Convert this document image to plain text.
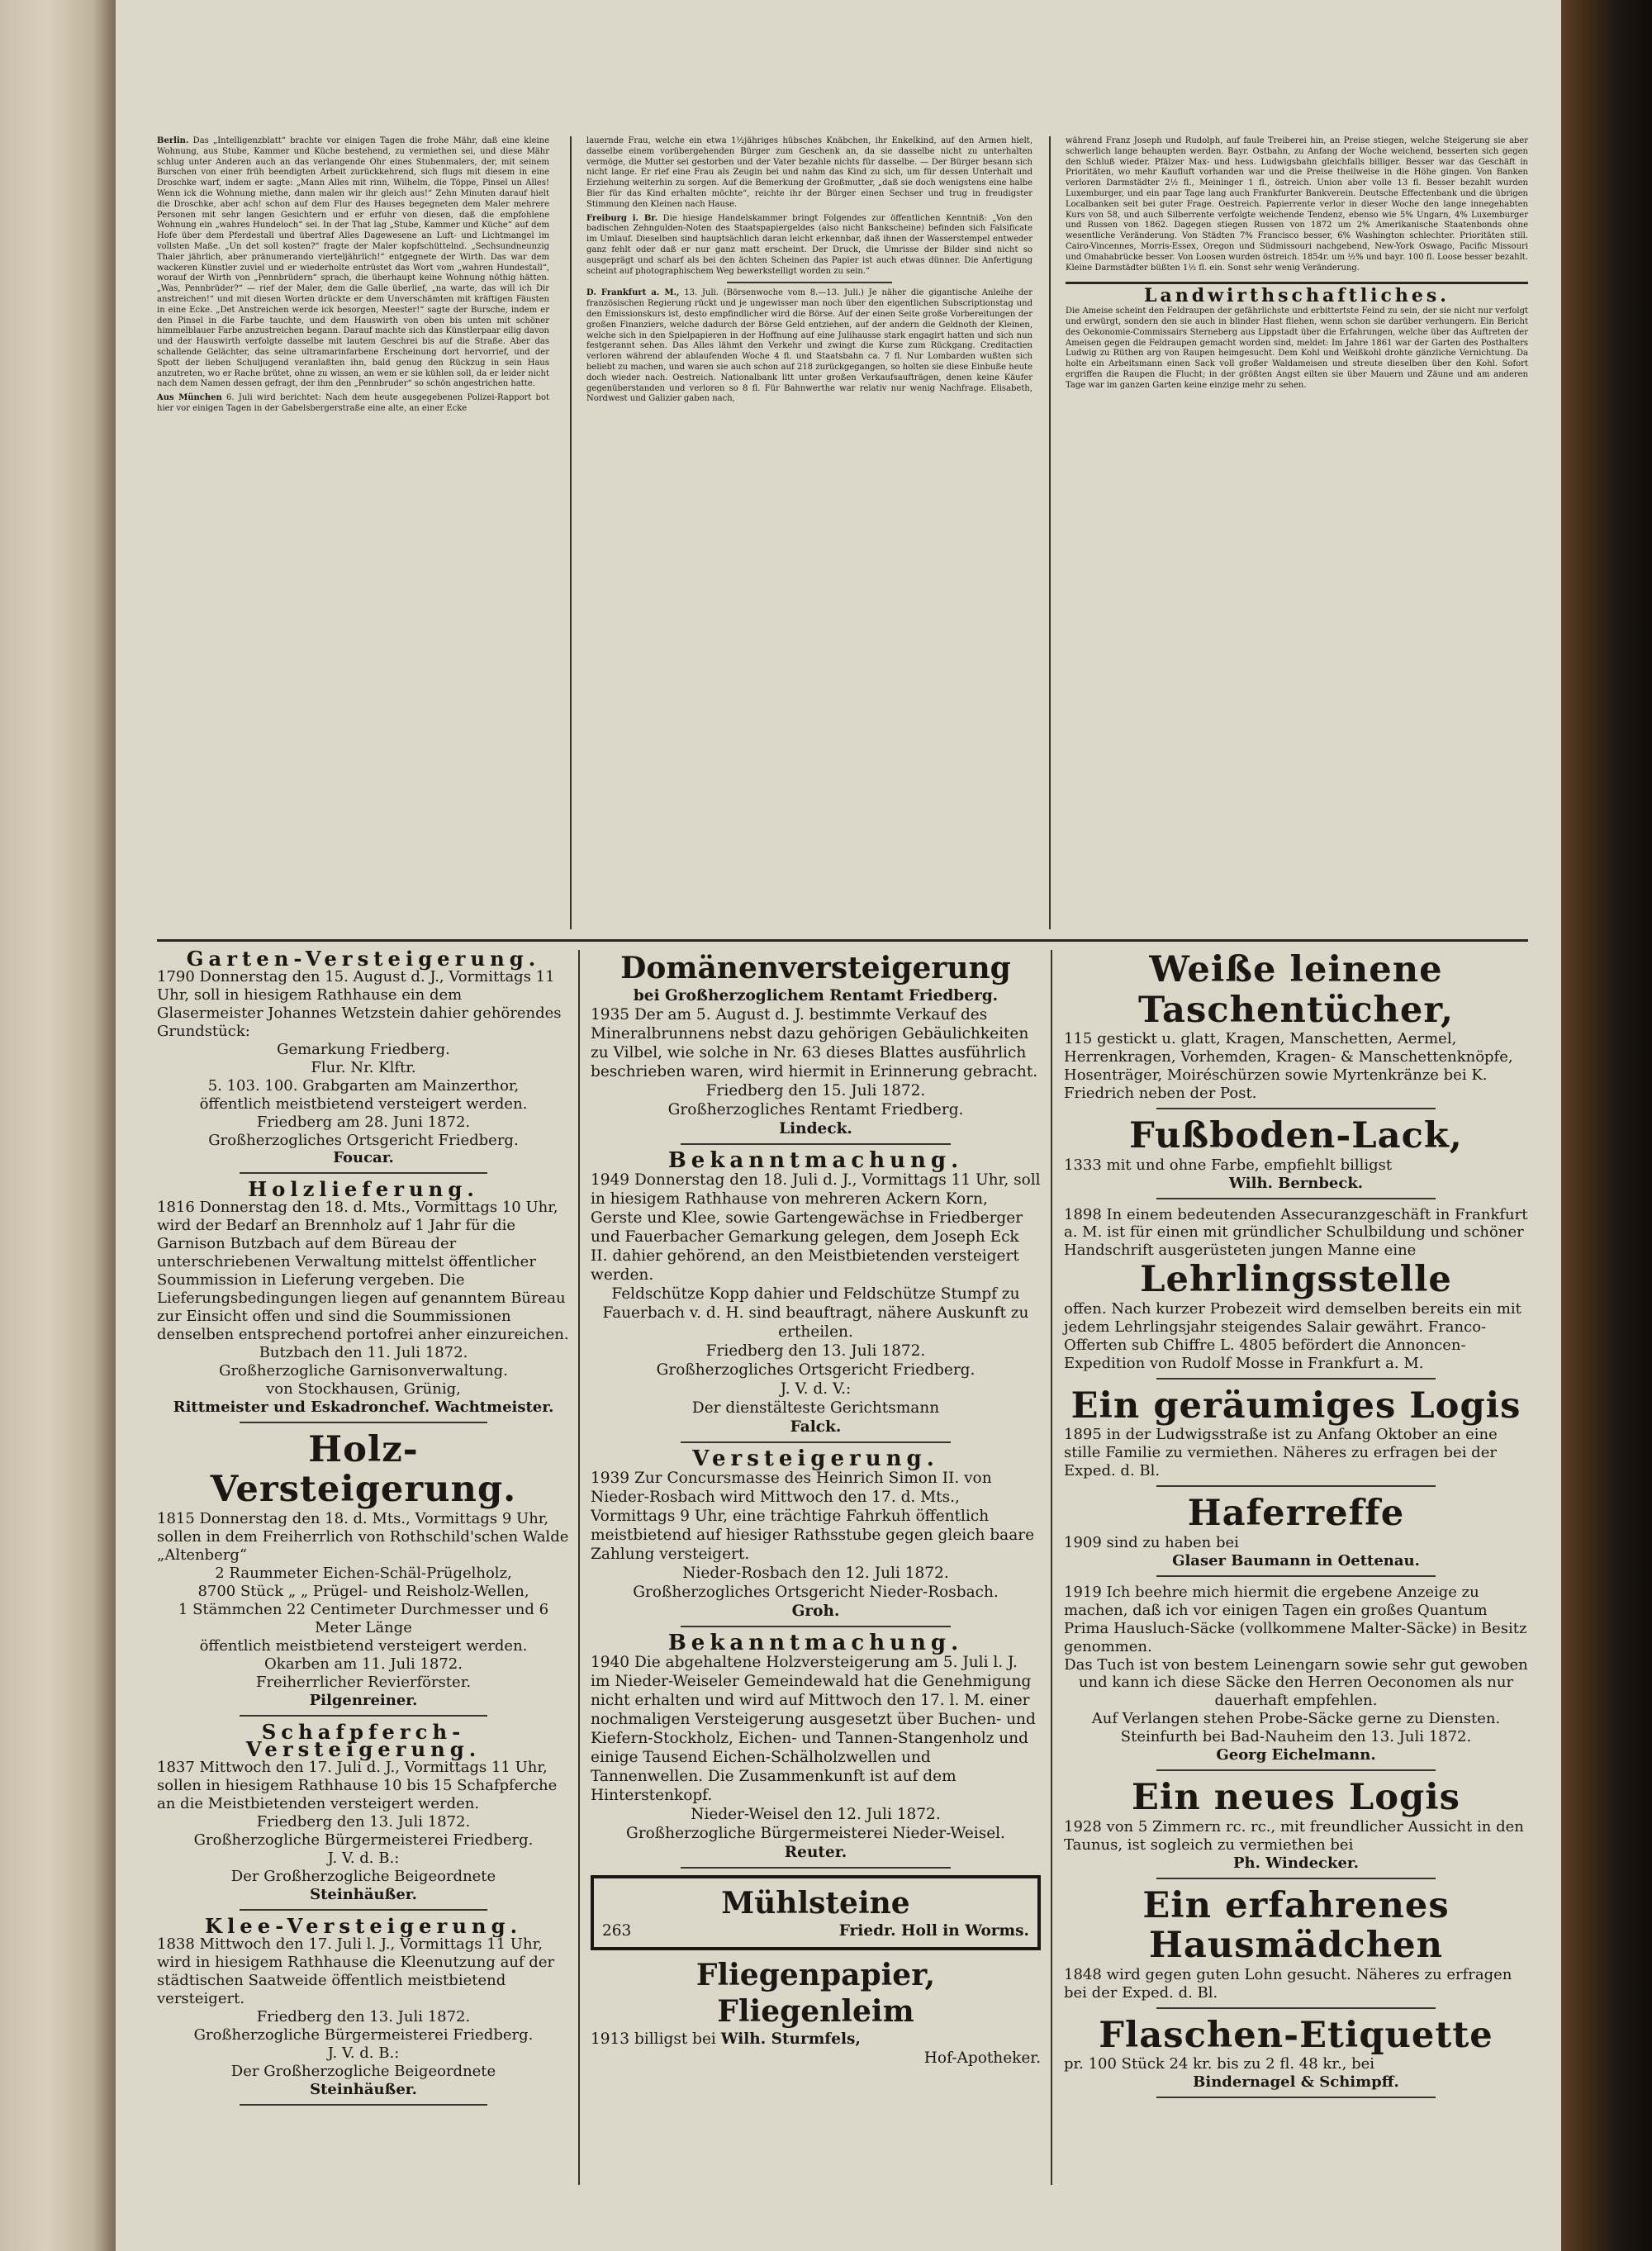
Berlin. Das „Intelligenzblatt“ brachte vor einigen Tagen die frohe Mähr, daß eine kleine Wohnung, aus Stube, Kammer und Küche bestehend, zu vermiethen sei, und diese Mähr schlug unter Anderen auch an das verlangende Ohr eines Stubenmalers, der, mit seinem Burschen von einer früh beendigten Arbeit zurückkehrend, sich flugs mit diesem in eine Droschke warf, indem er sagte: „Mann Alles mit rinn, Wilhelm, die Töppe, Pinsel un Alles! Wenn ick die Wohnung miethe, dann malen wir ihr gleich aus!“ Zehn Minuten darauf hielt die Droschke, aber ach! schon auf dem Flur des Hauses begegneten dem Maler mehrere Personen mit sehr langen Gesichtern und er erfuhr von diesen, daß die empfohlene Wohnung ein „wahres Hundeloch“ sei. In der That lag „Stube, Kammer und Küche“ auf dem Hofe über dem Pferdestall und übertraf Alles Dagewesene an Luft- und Lichtmangel im vollsten Maße. „Un det soll kosten?“ fragte der Maler kopfschüttelnd. „Sechsundneunzig Thaler jährlich, aber pränumerando vierteljährlich!“ entgegnete der Wirth. Das war dem wackeren Künstler zuviel und er wiederholte entrüstet das Wort vom „wahren Hundestall“, worauf der Wirth von „Pennbrüdern“ sprach, die überhaupt keine Wohnung nöthig hätten. „Was, Pennbrüder?“ — rief der Maler, dem die Galle überlief, „na warte, das will ich Dir anstreichen!“ und mit diesen Worten drückte er dem Unverschämten mit kräftigen Fäusten in eine Ecke. „Det Anstreichen werde ick besorgen, Meester!“ sagte der Bursche, indem er den Pinsel in die Farbe tauchte, und dem Hauswirth von oben bis unten mit schöner himmelblauer Farbe anzustreichen begann. Darauf machte sich das Künstlerpaar eilig davon und der Hauswirth verfolgte dasselbe mit lautem Geschrei bis auf die Straße. Aber das schallende Gelächter, das seine ultramarinfarbene Erscheinung dort hervorrief, und der Spott der lieben Schuljugend veranlaßten ihn, bald genug den Rückzug in sein Haus anzutreten, wo er Rache brütet, ohne zu wissen, an wem er sie kühlen soll, da er leider nicht nach dem Namen dessen gefragt, der ihm den „Pennbruder“ so schön angestrichen hatte.

Aus München 6. Juli wird berichtet: Nach dem heute ausgegebenen Polizei-Rapport bot hier vor einigen Tagen in der Gabelsbergerstraße eine alte, an einer Ecke

lauernde Frau, welche ein etwa 1½jähriges hübsches Knäbchen, ihr Enkelkind, auf den Armen hielt, dasselbe einem vorübergehenden Bürger zum Geschenk an, da sie dasselbe nicht zu unterhalten vermöge, die Mutter sei gestorben und der Vater bezahle nichts für dasselbe. — Der Bürger besann sich nicht lange. Er rief eine Frau als Zeugin bei und nahm das Kind zu sich, um für dessen Unterhalt und Erziehung weiterhin zu sorgen. Auf die Bemerkung der Großmutter, „daß sie doch wenigstens eine halbe Bier für das Kind erhalten möchte“, reichte ihr der Bürger einen Sechser und trug in freudigster Stimmung den Kleinen nach Hause.

Freiburg i. Br. Die hiesige Handelskammer bringt Folgendes zur öffentlichen Kenntniß: „Von den badischen Zehngulden-Noten des Staatspapiergeldes (also nicht Bankscheine) befinden sich Falsificate im Umlauf. Dieselben sind hauptsächlich daran leicht erkennbar, daß ihnen der Wasserstempel entweder ganz fehlt oder daß er nur ganz matt erscheint. Der Druck, die Umrisse der Bilder sind nicht so ausgeprägt und scharf als bei den ächten Scheinen das Papier ist auch etwas dünner. Die Anfertigung scheint auf photographischem Weg bewerkstelligt worden zu sein.“

D. Frankfurt a. M., 13. Juli. (Börsenwoche vom 8.—13. Juli.) Je näher die gigantische Anleihe der französischen Regierung rückt und je ungewisser man noch über den eigentlichen Subscriptionstag und den Emissionskurs ist, desto empfindlicher wird die Börse. Auf der einen Seite große Vorbereitungen der großen Finanziers, welche dadurch der Börse Geld entziehen, auf der andern die Geldnoth der Kleinen, welche sich in den Spielpapieren in der Hoffnung auf eine Julihausse stark engagirt hatten und sich nun festgerannt sehen. Das Alles lähmt den Verkehr und zwingt die Kurse zum Rückgang. Creditactien verloren während der ablaufenden Woche 4 fl. und Staatsbahn ca. 7 fl. Nur Lombarden wußten sich beliebt zu machen, und waren sie auch schon auf 218 zurückgegangen, so holten sie diese Einbuße heute doch wieder nach. Oestreich. Nationalbank litt unter großen Verkaufsaufträgen, denen keine Käufer gegenüberstanden und verloren so 8 fl. Für Bahnwerthe war relativ nur wenig Nachfrage. Elisabeth, Nordwest und Galizier gaben nach,

während Franz Joseph und Rudolph, auf faule Treiberei hin, an Preise stiegen, welche Steigerung sie aber schwerlich lange behaupten werden. Bayr. Ostbahn, zu Anfang der Woche weichend, besserten sich gegen den Schluß wieder. Pfälzer Max- und hess. Ludwigsbahn gleichfalls billiger. Besser war das Geschäft in Prioritäten, wo mehr Kaufluft vorhanden war und die Preise theilweise in die Höhe gingen. Von Banken verloren Darmstädter 2½ fl., Meininger 1 fl., östreich. Union aber volle 13 fl. Besser bezahlt wurden Luxemburger, und ein paar Tage lang auch Frankfurter Bankverein. Deutsche Effectenbank und die übrigen Localbanken seit bei guter Frage. Oestreich. Papierrente verlor in dieser Woche den lange innegehabten Kurs von 58, und auch Silberrente verfolgte weichende Tendenz, ebenso wie 5% Ungarn, 4% Luxemburger und Russen von 1862. Dagegen stiegen Russen von 1872 um 2% Amerikanische Staatenbonds ohne wesentliche Veränderung. Von Städten 7% Francisco besser, 6% Washington schlechter. Prioritäten still. Cairo-Vincennes, Morris-Essex, Oregon und Südmissouri nachgebend, New-York Oswago, Pacific Missouri und Omahabrücke besser. Von Loosen wurden östreich. 1854r. um ½% und bayr. 100 fl. Loose besser bezahlt. Kleine Darmstädter büßten 1½ fl. ein. Sonst sehr wenig Veränderung.

Landwirthschaftliches.

Die Ameise scheint den Feldraupen der gefährlichste und erbittertste Feind zu sein, der sie nicht nur verfolgt und erwürgt, sondern den sie auch in blinder Hast fliehen, wenn schon sie darüber verhungern. Ein Bericht des Oekonomie-Commissairs Sterneberg aus Lippstadt über die Erfahrungen, welche über das Auftreten der Ameisen gegen die Feldraupen gemacht worden sind, meldet: Im Jahre 1861 war der Garten des Posthalters Ludwig zu Rüthen arg von Raupen heimgesucht. Dem Kohl und Weißkohl drohte gänzliche Vernichtung. Da holte ein Arbeitsmann einen Sack voll großer Waldameisen und streute dieselben über den Kohl. Sofort ergriffen die Raupen die Flucht; in der größten Angst eilten sie über Mauern und Zäune und am anderen Tage war im ganzen Garten keine einzige mehr zu sehen.

Garten-Versteigerung.
1790 Donnerstag den 15. August d. J., Vormittags 11 Uhr, soll in hiesigem Rathhause ein dem Glasermeister Johannes Wetzstein dahier gehörendes Grundstück:
Gemarkung Friedberg.
Flur. Nr. Klftr.
5. 103. 100. Grabgarten am Mainzerthor,
öffentlich meistbietend versteigert werden.
Friedberg am 28. Juni 1872.
Großherzogliches Ortsgericht Friedberg.
Foucar.
Holzlieferung.
1816 Donnerstag den 18. d. Mts., Vormittags 10 Uhr, wird der Bedarf an Brennholz auf 1 Jahr für die Garnison Butzbach auf dem Büreau der unterschriebenen Verwaltung mittelst öffentlicher Soummission in Lieferung vergeben. Die Lieferungsbedingungen liegen auf genanntem Büreau zur Einsicht offen und sind die Soummissionen denselben entsprechend portofrei anher einzureichen.
Butzbach den 11. Juli 1872.
Großherzogliche Garnisonverwaltung.
von Stockhausen, Grünig,
Rittmeister und Eskadronchef. Wachtmeister.
Holz-Versteigerung.
1815 Donnerstag den 18. d. Mts., Vormittags 9 Uhr, sollen in dem Freiherrlich von Rothschild'schen Walde „Altenberg“
2 Raummeter Eichen-Schäl-Prügelholz,
8700 Stück „ „ Prügel- und Reisholz-Wellen,
1 Stämmchen 22 Centimeter Durchmesser und 6 Meter Länge
öffentlich meistbietend versteigert werden.
Okarben am 11. Juli 1872.
Freiherrlicher Revierförster.
Pilgenreiner.
Schafpferch-Versteigerung.
1837 Mittwoch den 17. Juli d. J., Vormittags 11 Uhr, sollen in hiesigem Rathhause 10 bis 15 Schafpferche an die Meistbietenden versteigert werden.
Friedberg den 13. Juli 1872.
Großherzogliche Bürgermeisterei Friedberg.
J. V. d. B.:
Der Großherzogliche Beigeordnete
Steinhäußer.
Klee-Versteigerung.
1838 Mittwoch den 17. Juli l. J., Vormittags 11 Uhr, wird in hiesigem Rathhause die Kleenutzung auf der städtischen Saatweide öffentlich meistbietend versteigert.
Friedberg den 13. Juli 1872.
Großherzogliche Bürgermeisterei Friedberg.
J. V. d. B.:
Der Großherzogliche Beigeordnete
Steinhäußer.
Domänenversteigerung
bei Großherzoglichem Rentamt Friedberg.
1935 Der am 5. August d. J. bestimmte Verkauf des Mineralbrunnens nebst dazu gehörigen Gebäulichkeiten zu Vilbel, wie solche in Nr. 63 dieses Blattes ausführlich beschrieben waren, wird hiermit in Erinnerung gebracht.
Friedberg den 15. Juli 1872.
Großherzogliches Rentamt Friedberg.
Lindeck.
Bekanntmachung.
1949 Donnerstag den 18. Juli d. J., Vormittags 11 Uhr, soll in hiesigem Rathhause von mehreren Ackern Korn, Gerste und Klee, sowie Gartengewächse in Friedberger und Fauerbacher Gemarkung gelegen, dem Joseph Eck II. dahier gehörend, an den Meistbietenden versteigert werden.
Feldschütze Kopp dahier und Feldschütze Stumpf zu Fauerbach v. d. H. sind beauftragt, nähere Auskunft zu ertheilen.
Friedberg den 13. Juli 1872.
Großherzogliches Ortsgericht Friedberg.
J. V. d. V.:
Der dienstälteste Gerichtsmann
Falck.
Versteigerung.
1939 Zur Concursmasse des Heinrich Simon II. von Nieder-Rosbach wird Mittwoch den 17. d. Mts., Vormittags 9 Uhr, eine trächtige Fahrkuh öffentlich meistbietend auf hiesiger Rathsstube gegen gleich baare Zahlung versteigert.
Nieder-Rosbach den 12. Juli 1872.
Großherzogliches Ortsgericht Nieder-Rosbach.
Groh.
Bekanntmachung.
1940 Die abgehaltene Holzversteigerung am 5. Juli l. J. im Nieder-Weiseler Gemeindewald hat die Genehmigung nicht erhalten und wird auf Mittwoch den 17. l. M. einer nochmaligen Versteigerung ausgesetzt über Buchen- und Kiefern-Stockholz, Eichen- und Tannen-Stangenholz und einige Tausend Eichen-Schälholzwellen und Tannenwellen. Die Zusammenkunft ist auf dem Hinterstenkopf.
Nieder-Weisel den 12. Juli 1872.
Großherzogliche Bürgermeisterei Nieder-Weisel.
Reuter.
Mühlsteine
263	Friedr. Holl in Worms.
Fliegenpapier,
Fliegenleim
1913 billigst bei Wilh. Sturmfels,
Hof-Apotheker.
Weiße leinene Taschentücher,
115 gestickt u. glatt, Kragen, Manschetten, Aermel, Herrenkragen, Vorhemden, Kragen- & Manschettenknöpfe, Hosenträger, Moiréschürzen sowie Myrtenkränze bei K. Friedrich neben der Post.
Fußboden-Lack,
1333 mit und ohne Farbe, empfiehlt billigst
Wilh. Bernbeck.
1898 In einem bedeutenden Assecuranzgeschäft in Frankfurt a. M. ist für einen mit gründlicher Schulbildung und schöner Handschrift ausgerüsteten jungen Manne eine
Lehrlingsstelle
offen. Nach kurzer Probezeit wird demselben bereits ein mit jedem Lehrlingsjahr steigendes Salair gewährt. Franco-Offerten sub Chiffre L. 4805 befördert die Annoncen-Expedition von Rudolf Mosse in Frankfurt a. M.
Ein geräumiges Logis
1895 in der Ludwigsstraße ist zu Anfang Oktober an eine stille Familie zu vermiethen. Näheres zu erfragen bei der Exped. d. Bl.
Haferreffe
1909 sind zu haben bei
Glaser Baumann in Oettenau.
1919 Ich beehre mich hiermit die ergebene Anzeige zu machen, daß ich vor einigen Tagen ein großes Quantum Prima Hausluch-Säcke (vollkommene Malter-Säcke) in Besitz genommen.
Das Tuch ist von bestem Leinengarn sowie sehr gut gewoben und kann ich diese Säcke den Herren Oeconomen als nur dauerhaft empfehlen.
Auf Verlangen stehen Probe-Säcke gerne zu Diensten.
Steinfurth bei Bad-Nauheim den 13. Juli 1872.
Georg Eichelmann.
Ein neues Logis
1928 von 5 Zimmern rc. rc., mit freundlicher Aussicht in den Taunus, ist sogleich zu vermiethen bei
Ph. Windecker.
Ein erfahrenes Hausmädchen
1848 wird gegen guten Lohn gesucht. Näheres zu erfragen bei der Exped. d. Bl.
Flaschen-Etiquette
pr. 100 Stück 24 kr. bis zu 2 fl. 48 kr., bei
Bindernagel & Schimpff.
